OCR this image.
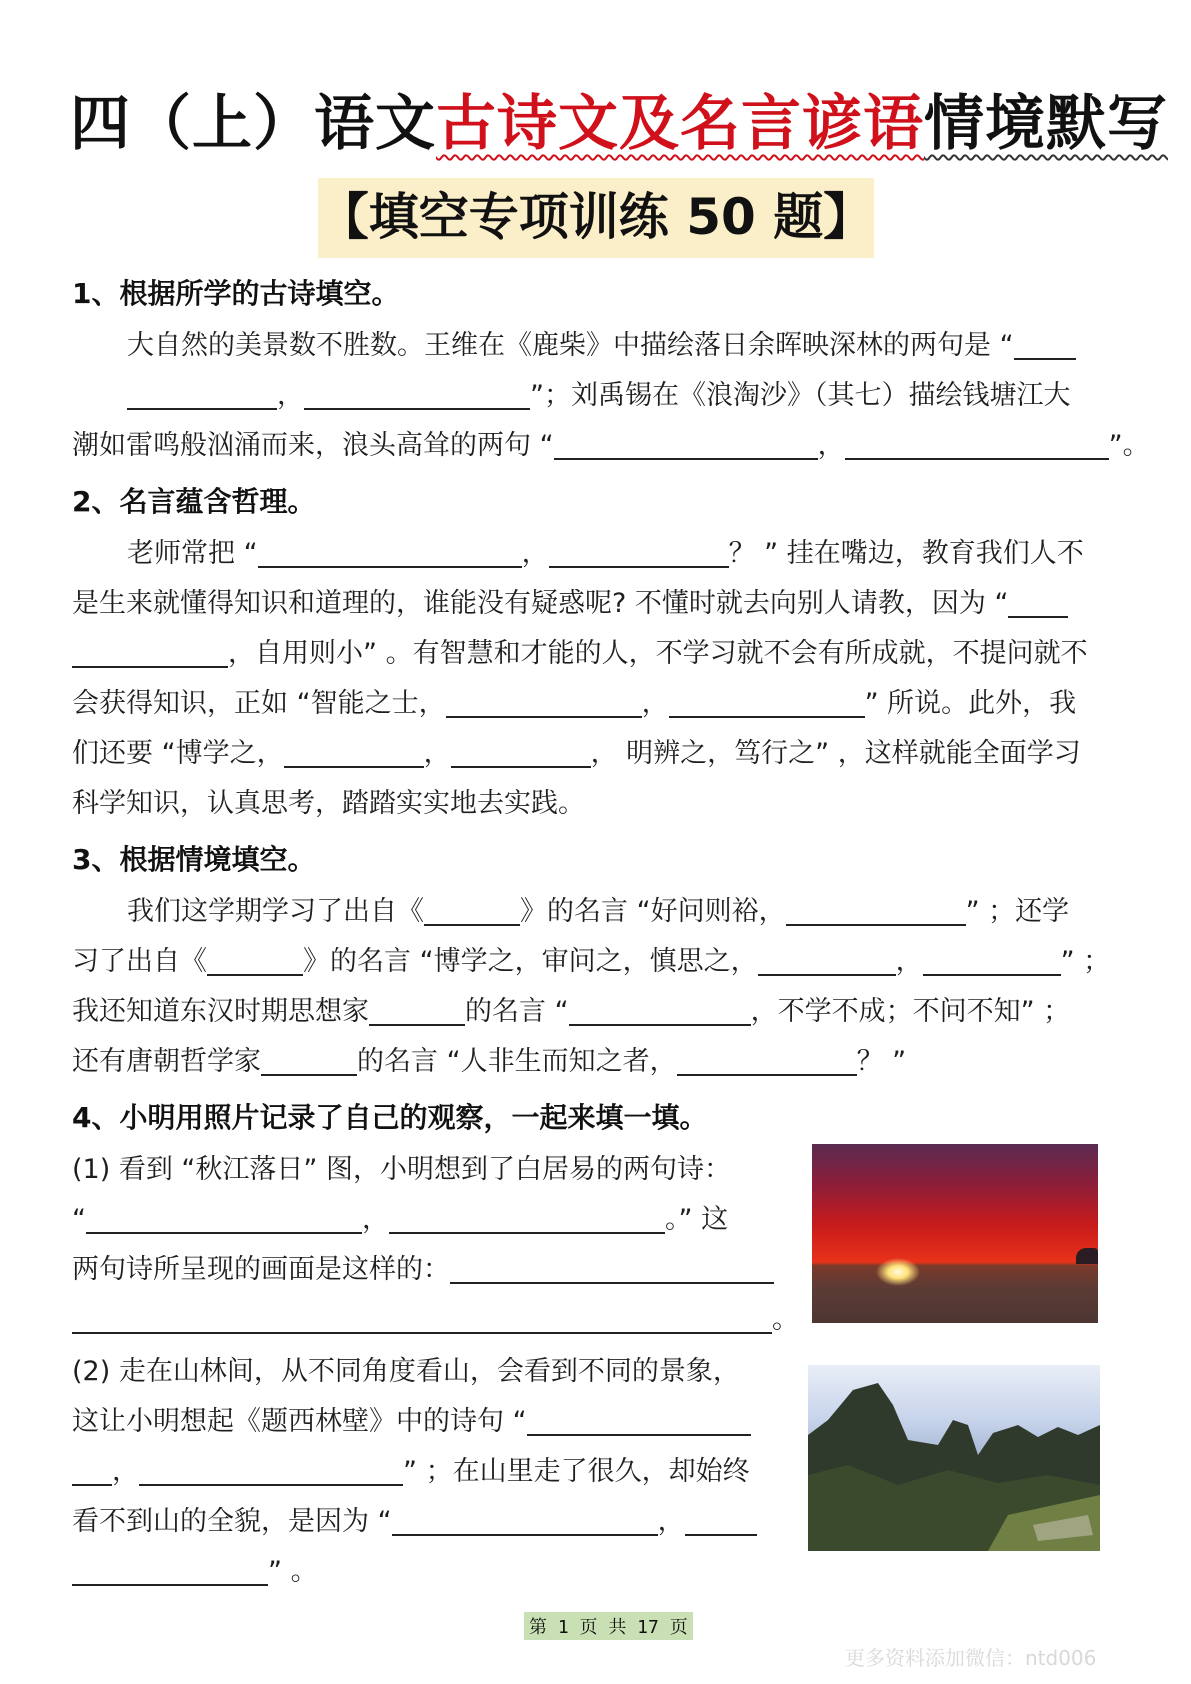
四（上）语文古诗文及名言谚语情境默写
【填空专项训练 50 题】
1、根据所学的古诗填空。
大自然的美景数不胜数。王维在《鹿柴》中描绘落日余晖映深林的两句是 “
，	”；刘禹锡在《浪淘沙》（其七）描绘钱塘江大
潮如雷鸣般汹涌而来，浪头高耸的两句 “	，	”。
2、名言蕴含哲理。
老师常把 “	，	？ ” 挂在嘴边，教育我们人不
是生来就懂得知识和道理的，谁能没有疑惑呢? 不懂时就去向别人请教，因为 “
，自用则小” 。有智慧和才能的人，不学习就不会有所成就，不提问就不
会获得知识，正如 “智能之士，	，	” 所说。此外，我
们还要 “博学之，	，	， 明辨之，笃行之” ，这样就能全面学习
科学知识，认真思考，踏踏实实地去实践。
3、根据情境填空。
我们这学期学习了出自《	》的名言 “好问则裕，	” ；还学
习了出自《	》的名言 “博学之，审问之，慎思之，	，	” ；
我还知道东汉时期思想家	的名言 “	，不学不成；不问不知” ；
还有唐朝哲学家	的名言 “人非生而知之者，	？ ”
4、小明用照片记录了自己的观察，一起来填一填。
(1) 看到 “秋江落日” 图，小明想到了白居易的两句诗：
“	，	。” 这
两句诗所呈现的画面是这样的：
。
(2) 走在山林间，从不同角度看山，会看到不同的景象，
这让小明想起《题西林壁》中的诗句 “
，	” ；在山里走了很久，却始终
看不到山的全貌，是因为 “	，
” 。
第 1 页 共 17 页
更多资料添加微信：ntd006
